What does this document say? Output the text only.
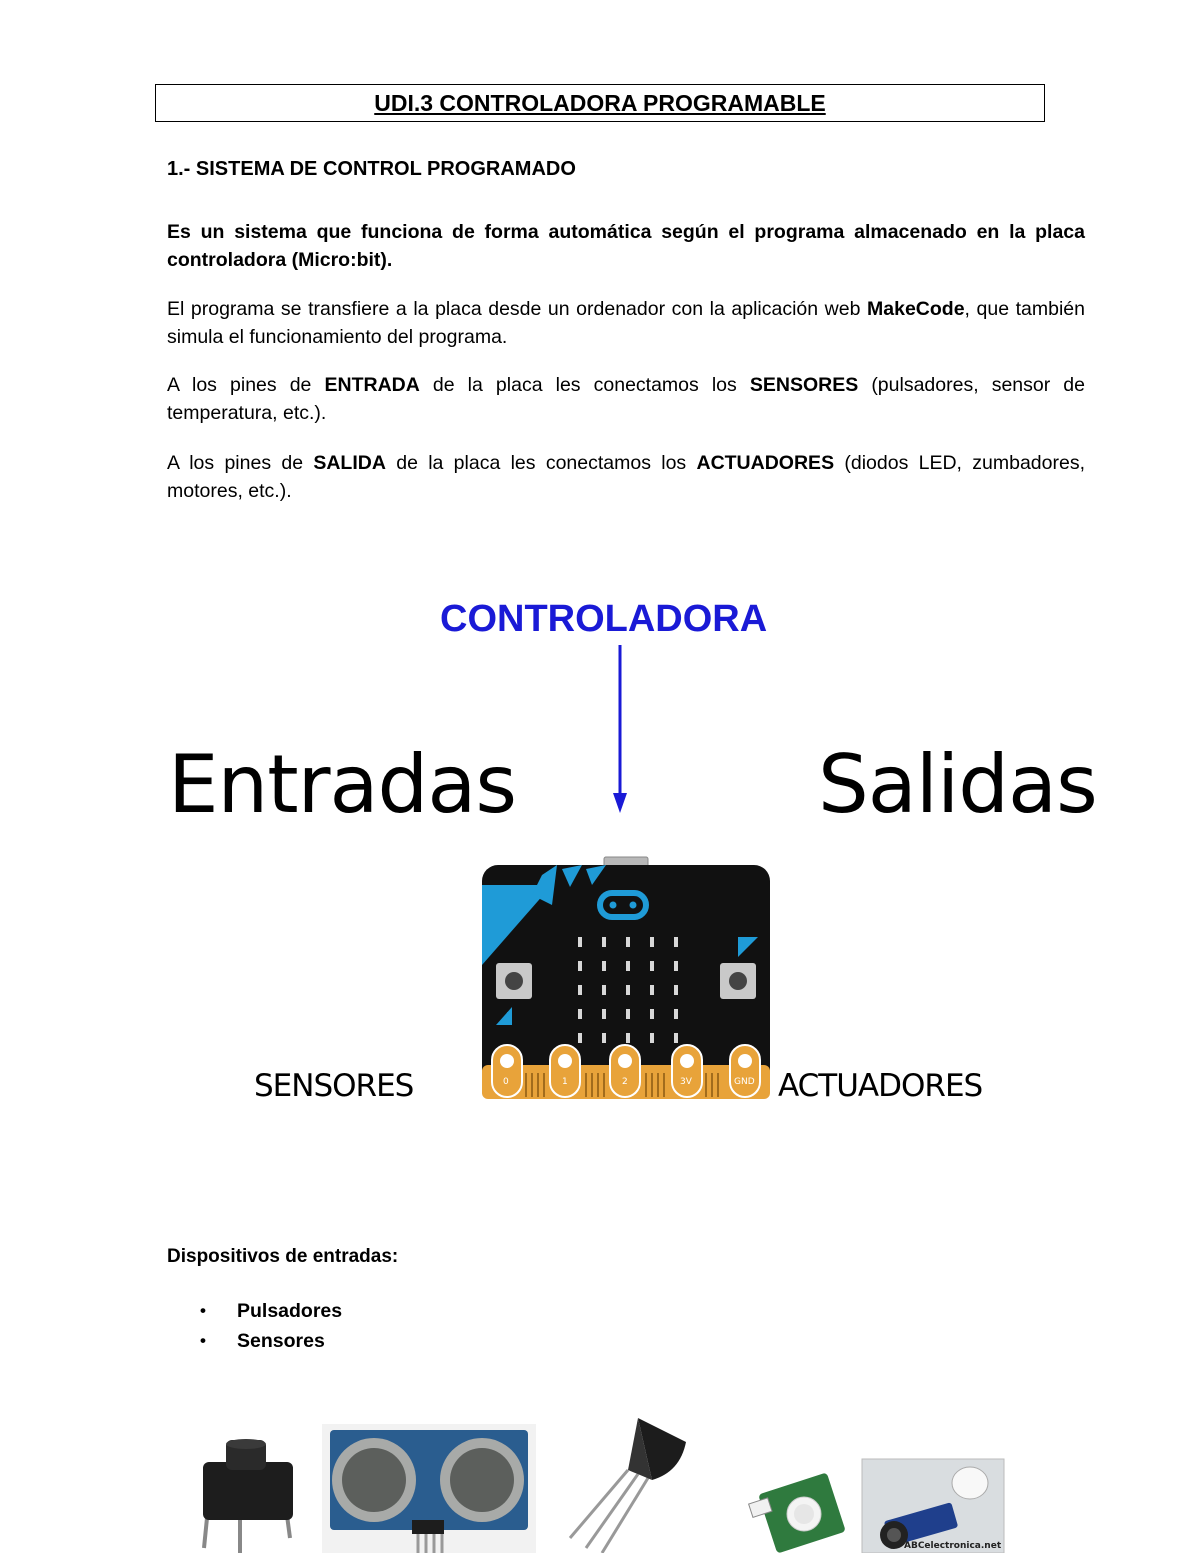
UDI.3 CONTROLADORA PROGRAMABLE
1.- SISTEMA DE CONTROL PROGRAMADO
Es un sistema que funciona de forma automática según el programa almacenado en la placa controladora (Micro:bit).
El programa se transfiere a la placa desde un ordenador con la aplicación web MakeCode, que también simula el funcionamiento del programa.
A los pines de ENTRADA de la placa les conectamos los SENSORES (pulsadores, sensor de temperatura, etc.).
A los pines de SALIDA de la placa les conectamos los ACTUADORES (diodos LED, zumbadores, motores, etc.).
CONTROLADORA
Entradas	Salidas
0	1	2	3V	GND
A
B
SENSORES	ACTUADORES
Dispositivos de entradas:
•	Pulsadores
•	Sensores
ABCelectronica.net
